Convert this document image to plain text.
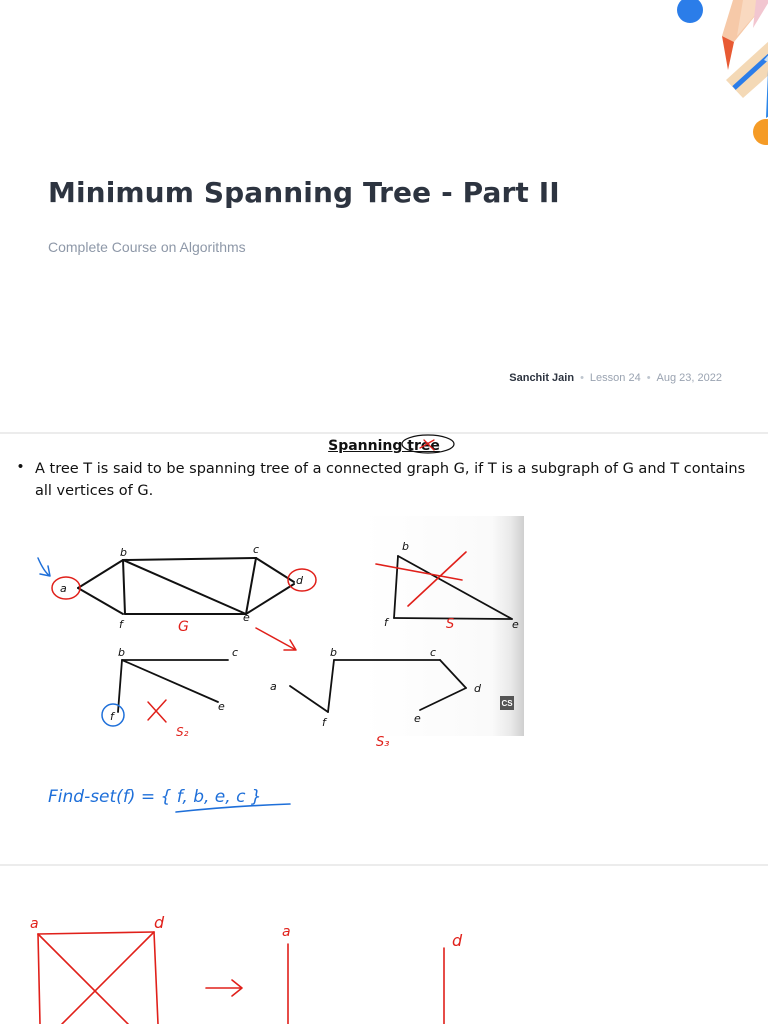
Minimum Spanning Tree - Part II
Complete Course on Algorithms
Sanchit Jain • Lesson 24 • Aug 23, 2022
Spanning tree
• A tree T is said to be spanning tree of a connected graph G, if T is a subgraph of G and T contains all vertices of G.
CS
b	c
a
d
f
e
G
b
f	e
S
b	c
e
f
S₂
b	c
a	d
f	e
S₃
Find-set(f) = { f, b, e, c }
a	d	a	d
